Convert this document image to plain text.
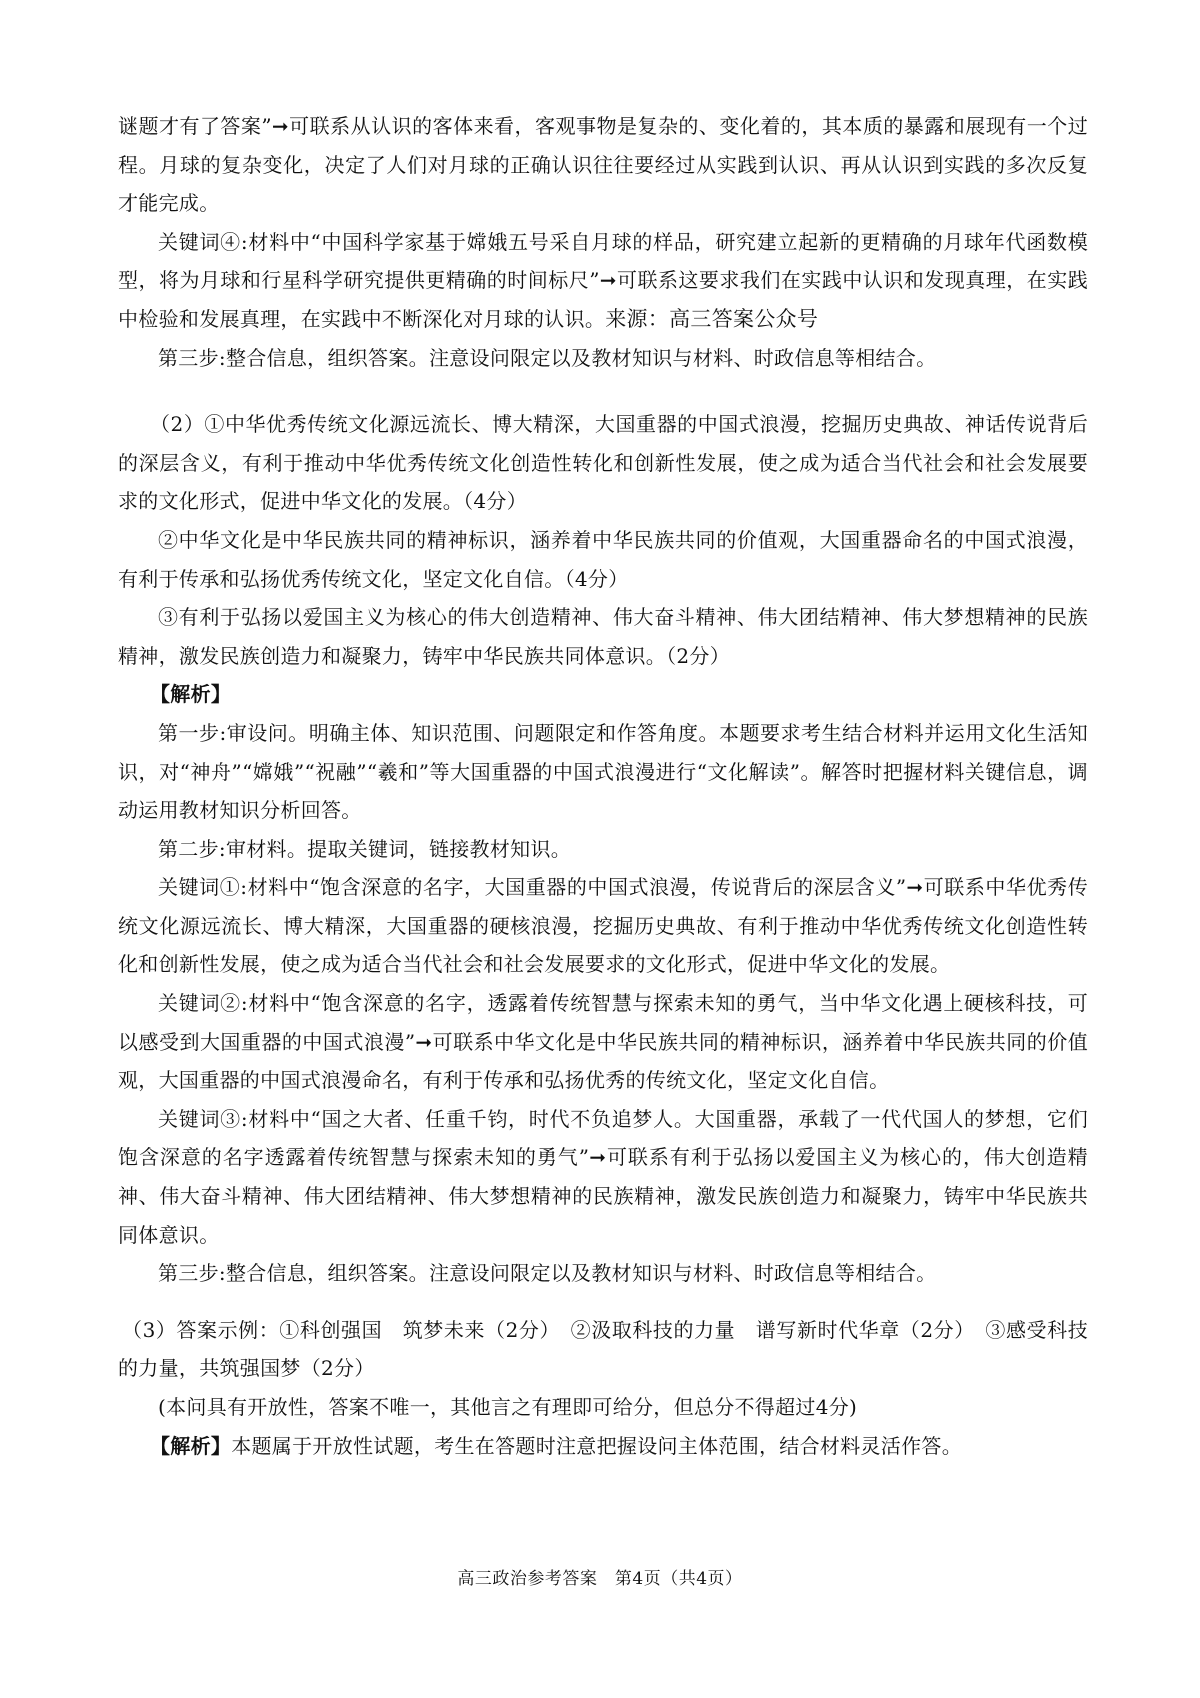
谜题才有了答案”➞可联系从认识的客体来看，客观事物是复杂的、变化着的，其本质的暴露和展现有一个过程。月球的复杂变化，决定了人们对月球的正确认识往往要经过从实践到认识、再从认识到实践的多次反复才能完成。

关键词④:材料中“中国科学家基于嫦娥五号采自月球的样品，研究建立起新的更精确的月球年代函数模型，将为月球和行星科学研究提供更精确的时间标尺”➞可联系这要求我们在实践中认识和发现真理，在实践中检验和发展真理，在实践中不断深化对月球的认识。来源：高三答案公众号

第三步:整合信息，组织答案。注意设问限定以及教材知识与材料、时政信息等相结合。

（2）①中华优秀传统文化源远流长、博大精深，大国重器的中国式浪漫，挖掘历史典故、神话传说背后的深层含义，有利于推动中华优秀传统文化创造性转化和创新性发展，使之成为适合当代社会和社会发展要求的文化形式，促进中华文化的发展。（4分）

②中华文化是中华民族共同的精神标识，涵养着中华民族共同的价值观，大国重器命名的中国式浪漫，有利于传承和弘扬优秀传统文化，坚定文化自信。（4分）

③有利于弘扬以爱国主义为核心的伟大创造精神、伟大奋斗精神、伟大团结精神、伟大梦想精神的民族精神，激发民族创造力和凝聚力，铸牢中华民族共同体意识。（2分）

【解析】

第一步:审设问。明确主体、知识范围、问题限定和作答角度。本题要求考生结合材料并运用文化生活知识，对“神舟”“嫦娥”“祝融”“羲和”等大国重器的中国式浪漫进行“文化解读”。解答时把握材料关键信息，调动运用教材知识分析回答。

第二步:审材料。提取关键词，链接教材知识。

关键词①:材料中“饱含深意的名字，大国重器的中国式浪漫，传说背后的深层含义”➞可联系中华优秀传统文化源远流长、博大精深，大国重器的硬核浪漫，挖掘历史典故、有利于推动中华优秀传统文化创造性转化和创新性发展，使之成为适合当代社会和社会发展要求的文化形式，促进中华文化的发展。

关键词②:材料中“饱含深意的名字，透露着传统智慧与探索未知的勇气，当中华文化遇上硬核科技，可以感受到大国重器的中国式浪漫”➞可联系中华文化是中华民族共同的精神标识，涵养着中华民族共同的价值观，大国重器的中国式浪漫命名，有利于传承和弘扬优秀的传统文化，坚定文化自信。

关键词③:材料中“国之大者、任重千钧，时代不负追梦人。大国重器，承载了一代代国人的梦想，它们饱含深意的名字透露着传统智慧与探索未知的勇气”➞可联系有利于弘扬以爱国主义为核心的，伟大创造精神、伟大奋斗精神、伟大团结精神、伟大梦想精神的民族精神，激发民族创造力和凝聚力，铸牢中华民族共同体意识。

第三步:整合信息，组织答案。注意设问限定以及教材知识与材料、时政信息等相结合。

（3）答案示例：①科创强国　筑梦未来（2分）　②汲取科技的力量　谱写新时代华章（2分）　③感受科技的力量，共筑强国梦（2分）

(本问具有开放性，答案不唯一，其他言之有理即可给分，但总分不得超过4分)

【解析】本题属于开放性试题，考生在答题时注意把握设问主体范围，结合材料灵活作答。

高三政治参考答案　第4页（共4页）
